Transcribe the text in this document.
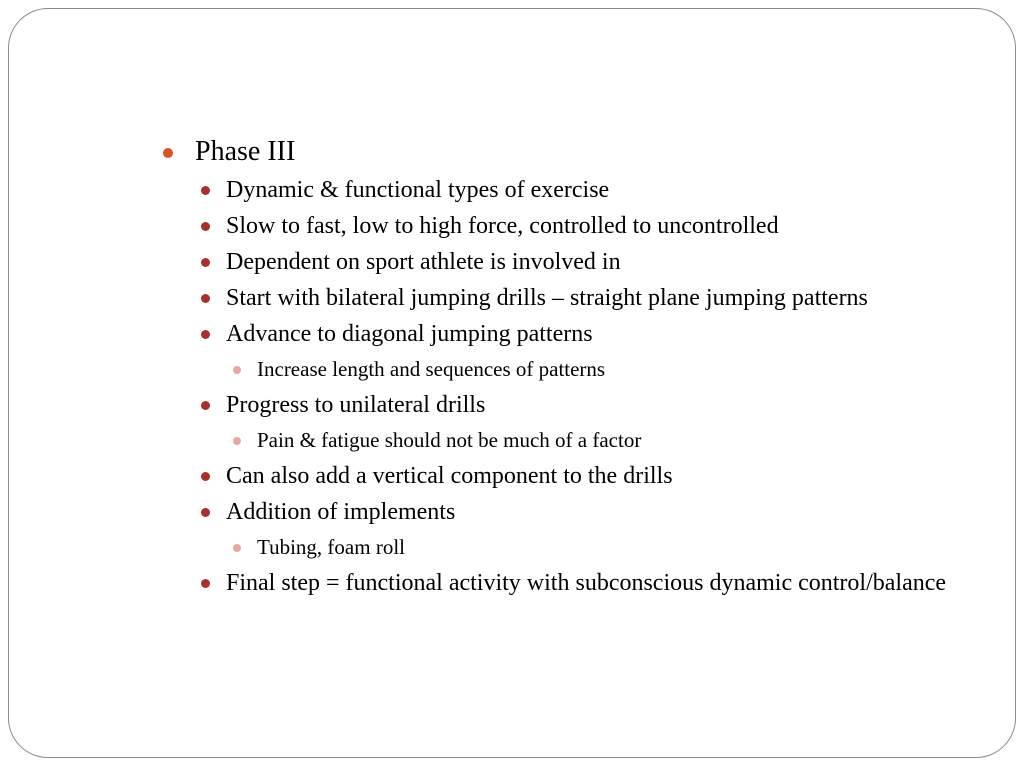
Phase III
Dynamic & functional types of exercise
Slow to fast, low to high force, controlled to uncontrolled
Dependent on sport athlete is involved in
Start with bilateral jumping drills – straight plane jumping patterns
Advance to diagonal jumping patterns
Increase length and sequences of patterns
Progress to unilateral drills
Pain & fatigue should not be much of a factor
Can also add a vertical component to the drills
Addition of implements
Tubing, foam roll
Final step = functional activity with subconscious dynamic control/balance
